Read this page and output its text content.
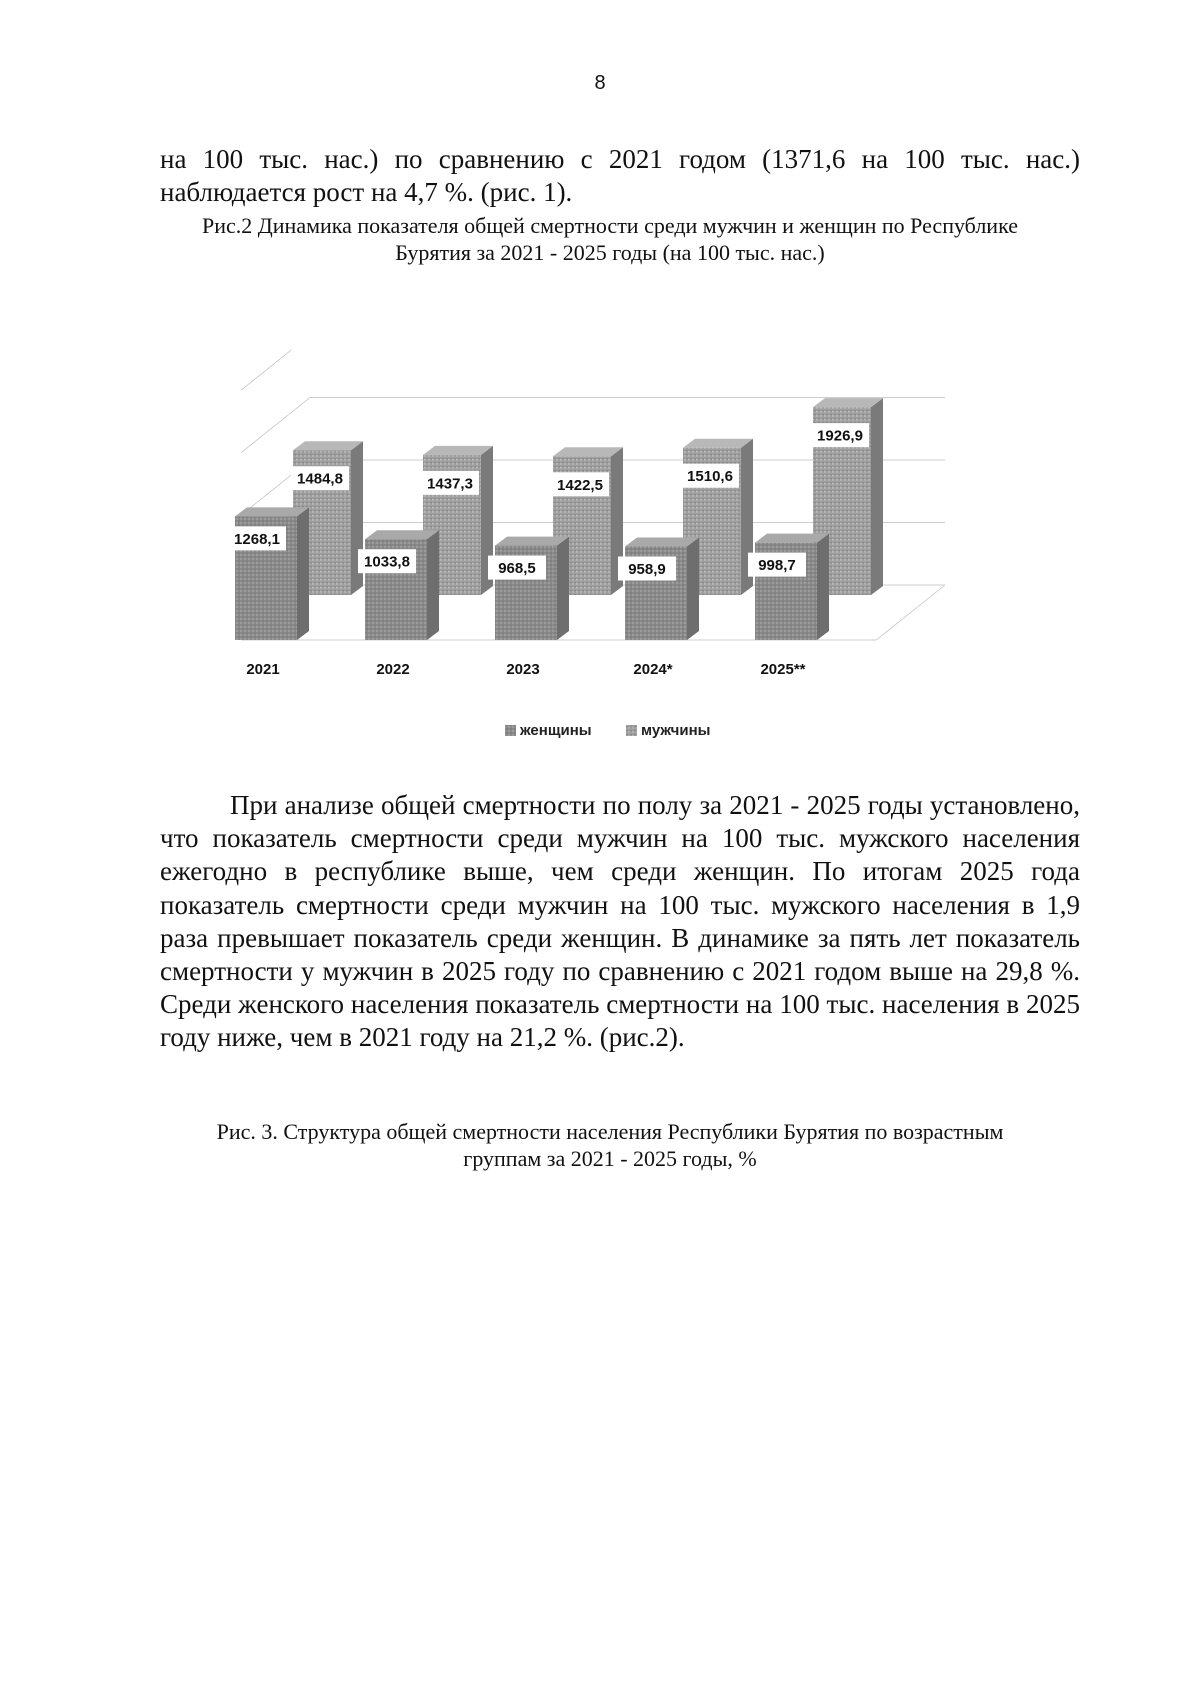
8

на 100 тыс. нас.) по сравнению с 2021 годом (1371,6 на 100 тыс. нас.)

наблюдается рост на 4,7 %. (рис. 1).

Рис.2 Динамика показателя общей смертности среди мужчин и женщин по Республике
Бурятия за 2021 - 2025 годы (на 100 тыс. нас.)
1484,8
1268,1
2021
1437,3
1033,8
2022
1422,5
968,5
2023
1510,6
958,9
2024*
1926,9
998,7
2025**
женщины	мужчины
При анализе общей смертности по полу за 2021 - 2025 годы установлено, что показатель смертности среди мужчин на 100 тыс. мужского населения ежегодно в республике выше, чем среди женщин. По итогам 2025 года показатель смертности среди мужчин на 100 тыс. мужского населения в 1,9 раза превышает показатель среди женщин. В динамике за пять лет показатель смертности у мужчин в 2025 году по сравнению с 2021 годом выше на 29,8 %. Среди женского населения показатель смертности на 100 тыс. населения в 2025 году ниже, чем в 2021 году на 21,2 %. (рис.2).
Рис. 3. Структура общей смертности населения Республики Бурятия по возрастным
группам за 2021 - 2025 годы, %
